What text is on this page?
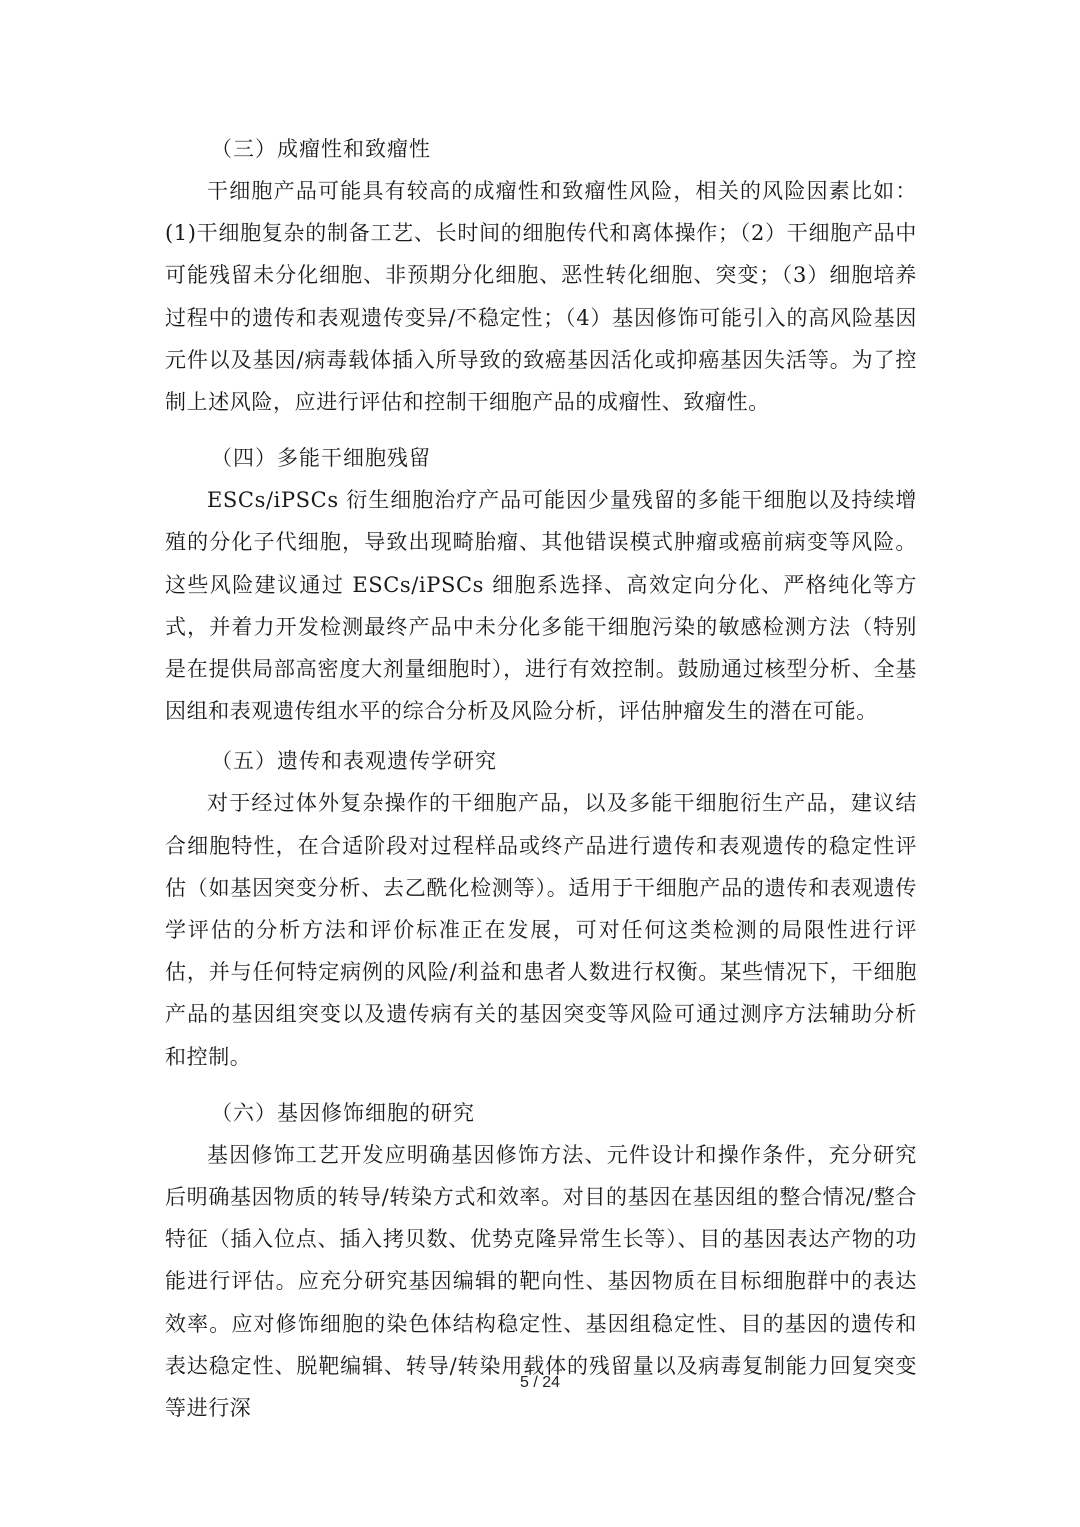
（三）成瘤性和致瘤性

干细胞产品可能具有较高的成瘤性和致瘤性风险，相关的风险因素比如：(1)干细胞复杂的制备工艺、长时间的细胞传代和离体操作；（2）干细胞产品中可能残留未分化细胞、非预期分化细胞、恶性转化细胞、突变；（3）细胞培养过程中的遗传和表观遗传变异/不稳定性；（4）基因修饰可能引入的高风险基因元件以及基因/病毒载体插入所导致的致癌基因活化或抑癌基因失活等。为了控制上述风险，应进行评估和控制干细胞产品的成瘤性、致瘤性。

（四）多能干细胞残留

ESCs/iPSCs 衍生细胞治疗产品可能因少量残留的多能干细胞以及持续增殖的分化子代细胞，导致出现畸胎瘤、其他错误模式肿瘤或癌前病变等风险。这些风险建议通过 ESCs/iPSCs 细胞系选择、高效定向分化、严格纯化等方式，并着力开发检测最终产品中未分化多能干细胞污染的敏感检测方法（特别是在提供局部高密度大剂量细胞时），进行有效控制。鼓励通过核型分析、全基因组和表观遗传组水平的综合分析及风险分析，评估肿瘤发生的潜在可能。

（五）遗传和表观遗传学研究

对于经过体外复杂操作的干细胞产品，以及多能干细胞衍生产品，建议结合细胞特性，在合适阶段对过程样品或终产品进行遗传和表观遗传的稳定性评估（如基因突变分析、去乙酰化检测等）。适用于干细胞产品的遗传和表观遗传学评估的分析方法和评价标准正在发展，可对任何这类检测的局限性进行评估，并与任何特定病例的风险/利益和患者人数进行权衡。某些情况下，干细胞产品的基因组突变以及遗传病有关的基因突变等风险可通过测序方法辅助分析和控制。

（六）基因修饰细胞的研究

基因修饰工艺开发应明确基因修饰方法、元件设计和操作条件，充分研究后明确基因物质的转导/转染方式和效率。对目的基因在基因组的整合情况/整合特征（插入位点、插入拷贝数、优势克隆异常生长等）、目的基因表达产物的功能进行评估。应充分研究基因编辑的靶向性、基因物质在目标细胞群中的表达效率。应对修饰细胞的染色体结构稳定性、基因组稳定性、目的基因的遗传和表达稳定性、脱靶编辑、转导/转染用载体的残留量以及病毒复制能力回复突变等进行深

5 / 24
